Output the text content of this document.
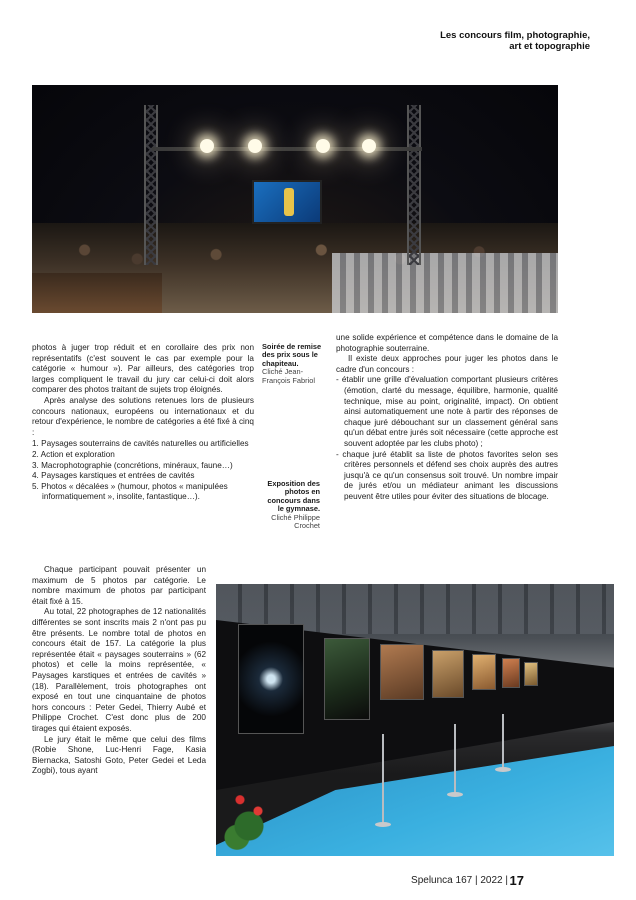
Les concours film, photographie,
art et topographie

photos à juger trop réduit et en corollaire des prix non représentatifs (c'est souvent le cas par exemple pour la catégorie « humour »). Par ailleurs, des catégories trop larges compliquent le travail du jury car celui-ci doit alors comparer des photos traitant de sujets trop éloignés.

Après analyse des solutions retenues lors de plusieurs concours nationaux, européens ou internationaux et du retour d'expérience, le nombre de catégories a été fixé à cinq :

1. Paysages souterrains de cavités naturelles ou artificielles
2. Action et exploration
3. Macrophotographie (concrétions, minéraux, faune…)
4. Paysages karstiques et entrées de cavités
5. Photos « décalées » (humour, photos « manipulées informatiquement », insolite, fantastique…).
Soirée de remise des prix sous le chapiteau.
Cliché Jean-François Fabriol
Exposition des photos en concours dans le gymnase.
Cliché Philippe Crochet

une solide expérience et compétence dans le domaine de la photographie souterraine.

Il existe deux approches pour juger les photos dans le cadre d'un concours :

- établir une grille d'évaluation comportant plusieurs critères (émotion, clarté du message, équilibre, harmonie, qualité technique, mise au point, originalité, impact). On obtient ainsi automatiquement une note à partir des réponses de chaque juré débouchant sur un classement général sans qu'un débat entre jurés soit nécessaire (cette approche est souvent adoptée par les clubs photo) ;
- chaque juré établit sa liste de photos favorites selon ses critères personnels et défend ses choix auprès des autres jusqu'à ce qu'un consensus soit trouvé. Un nombre impair de jurés et/ou un médiateur animant les discussions peuvent être utiles pour éviter des situations de blocage.

Chaque participant pouvait présenter un maximum de 5 photos par catégorie. Le nombre maximum de photos par participant était fixé à 15.

Au total, 22 photographes de 12 nationalités différentes se sont inscrits mais 2 n'ont pas pu être présents. Le nombre total de photos en concours était de 157. La catégorie la plus représentée était « paysages souterrains » (62 photos) et celle la moins représentée, « Paysages karstiques et entrées de cavités » (18). Parallèlement, trois photographes ont exposé en tout une cinquantaine de photos hors concours : Peter Gedei, Thierry Aubé et Philippe Crochet. C'est donc plus de 200 tirages qui étaient exposés.

Le jury était le même que celui des films (Robie Shone, Luc-Henri Fage, Kasia Biernacka, Satoshi Goto, Peter Gedei et Leda Zogbi), tous ayant

Spelunca 167 | 2022 | 17
